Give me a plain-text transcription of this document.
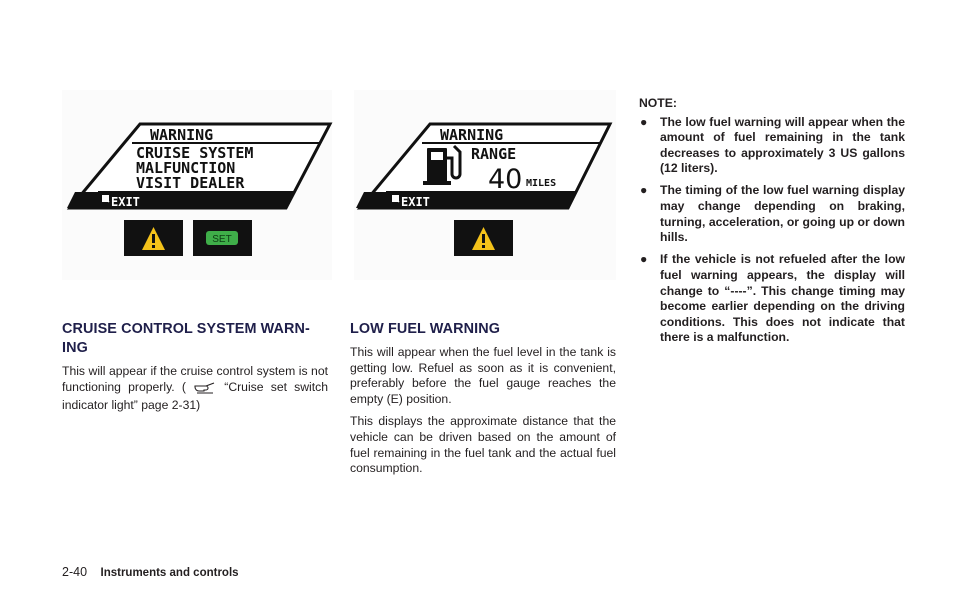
WARNING
CRUISE SYSTEM
MALFUNCTION
VISIT DEALER
EXIT
SET
WARNING
RANGE
40 MILES
EXIT
CRUISE CONTROL SYSTEM WARN-
ING

This will appear if the cruise control system is not functioning properly. (	“Cruise set switch indicator light” page 2-31)

LOW FUEL WARNING

This will appear when the fuel level in the tank is getting low. Refuel as soon as it is convenient, preferably before the fuel gauge reaches the empty (E) position.

This displays the approximate distance that the vehicle can be driven based on the amount of fuel remaining in the fuel tank and the actual fuel consumption.

NOTE:
● The low fuel warning will appear when the amount of fuel remaining in the tank decreases to approximately 3 US gallons (12 liters).
● The timing of the low fuel warning display may change depending on braking, turning, acceleration, or going up or down hills.
● If the vehicle is not refueled after the low fuel warning appears, the display will change to “----”. This change timing may become earlier depending on the driving conditions. This does not indicate that there is a malfunction.
2-40 Instruments and controls
